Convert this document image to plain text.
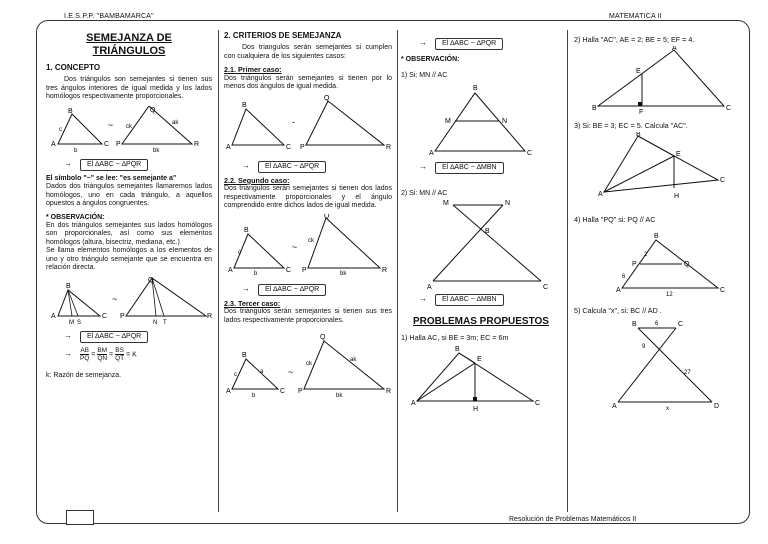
I.E.S.P.P. "BAMBAMARCA"	MATEMATICA II
Resolución de Problemas Matemáticos II
SEMEJANZA DE
TRIÁNGULOS
1. CONCEPTO
Dos triángulos son semejantes si tienen sus tres ángulos interiores de igual medida y los lados homólogos respectivamente proporcionales.
A
B
C
c
b
~
P
Q
R
ck
ak
bk
→ El ∆ABC ~ ∆PQR
El símbolo "~" se lee: "es semejante a"
Dados dos triángulos semejantes llamaremos lados homólogos, uno en cada triángulo, a aquellos opuestos a ángulos congruentes.
* OBSERVACIÓN:
En dos triángulos semejantes sus lados homólogos son proporcionales, así como sus elementos homólogos (altura, bisectriz, mediana, etc.)
Se llama elementos homólogos a los elementos de uno y otro triángulo semejante que se encuentra en relación directa.
A
B
C
M S
~
P
Q
R
N T
→ El ∆ABC ~ ∆PQR
→ $\frac{AB}{PQ} = \frac{BM}{QN} = \frac{BS}{QT} = K$
k: Razón de semejanza.
2. CRITERIOS DE SEMEJANZA
Dos triangulos serán semejantes si cumplen con cualquiera de los siguientes casos:
2.1. Primer caso:
Dos triángulos serán semejantes si tienen por lo menos dos ángulos de igual medida.
A
B
C
-
P
Q
R
→ El ∆ABC ~ ∆PQR
2.2. Segundo caso:
Dos triángulos serán semejantes si tienen dos lados respectivamente proporcionales y el ángulo comprendido entre dichos lados de igual medida.
A
B
C
c
b
~
P
Q
R
ck
bk
→ El ∆ABC ~ ∆PQR
2.3. Tercer caso:
Dos triángulos serán semejantes si tienen sus tres lados respectivamente proporcionales.
A
B
C
c	a
b
~
P
Q
R
ck
ak
bk
→ El ∆ABC ~ ∆PQR
* OBSERVACIÓN:
1) Si: MN // AC
A
B
C
M	N
→ El ∆ABC ~ ∆MBN
2) Si: MN // AC
M	N
B
A	C
→ El ∆ABC ~ ∆MBN
PROBLEMAS PROPUESTOS
1) Halla AC, si BE = 3m; EC = 6m
A
B
C
E
H
2) Halla "AC", AE = 2; BE = 5; EF = 4.
B
A
C
E
F
3) Si: BE = 3; EC = 5. Calcula "AC".
A
B
C
E
H
4) Halla "PQ" si: PQ // AC
A
B
C
P	Q
2
6
12
5) Calcula "x", si: BC // AD .
B	C
A	D
6
9
27
x
